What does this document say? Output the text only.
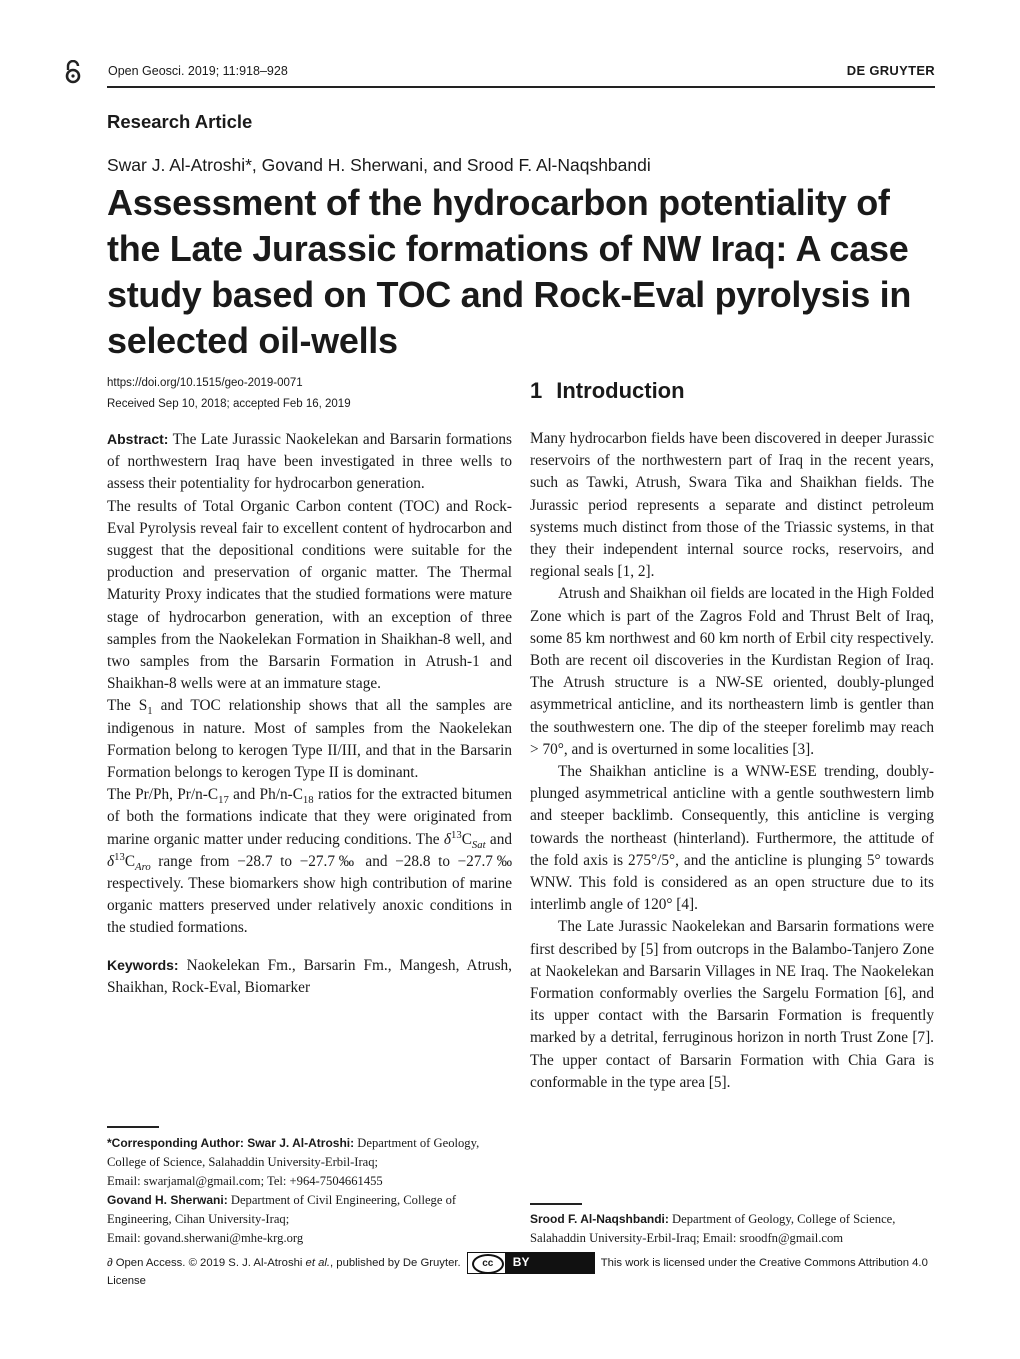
Open Geosci. 2019; 11:918–928	DE GRUYTER
Research Article
Swar J. Al-Atroshi*, Govand H. Sherwani, and Srood F. Al-Naqshbandi
Assessment of the hydrocarbon potentiality of the Late Jurassic formations of NW Iraq: A case study based on TOC and Rock-Eval pyrolysis in selected oil-wells
https://doi.org/10.1515/geo-2019-0071
Received Sep 10, 2018; accepted Feb 16, 2019

Abstract: The Late Jurassic Naokelekan and Barsarin formations of northwestern Iraq have been investigated in three wells to assess their potentiality for hydrocarbon generation.

The results of Total Organic Carbon content (TOC) and Rock-Eval Pyrolysis reveal fair to excellent content of hydrocarbon and suggest that the depositional conditions were suitable for the production and preservation of organic matter. The Thermal Maturity Proxy indicates that the studied formations were mature stage of hydrocarbon generation, with an exception of three samples from the Naokelekan Formation in Shaikhan-8 well, and two samples from the Barsarin Formation in Atrush-1 and Shaikhan-8 wells were at an immature stage.

The $S_1$ and TOC relationship shows that all the samples are indigenous in nature. Most of samples from the Naokelekan Formation belong to kerogen Type II/III, and that in the Barsarin Formation belongs to kerogen Type II is dominant.

The Pr/Ph, $Pr/n-C_{17}$ and $Ph/n-C_{18}$ ratios for the extracted bitumen of both the formations indicate that they were originated from marine organic matter under reducing conditions. The $\delta^{13}C_{Sat}$ and $\delta^{13}C_{Aro}$ range from −28.7 to −27.7‰ and −28.8 to −27.7‰ respectively. These biomarkers show high contribution of marine organic matters preserved under relatively anoxic conditions in the studied formations.

Keywords: Naokelekan Fm., Barsarin Fm., Mangesh, Atrush, Shaikhan, Rock-Eval, Biomarker

1 Introduction

Many hydrocarbon fields have been discovered in deeper Jurassic reservoirs of the northwestern part of Iraq in the recent years, such as Tawki, Atrush, Swara Tika and Shaikhan fields. The Jurassic period represents a separate and distinct petroleum systems much distinct from those of the Triassic systems, in that they their independent internal source rocks, reservoirs, and regional seals [1, 2].

Atrush and Shaikhan oil fields are located in the High Folded Zone which is part of the Zagros Fold and Thrust Belt of Iraq, some 85 km northwest and 60 km north of Erbil city respectively. Both are recent oil discoveries in the Kurdistan Region of Iraq. The Atrush structure is a NW-SE oriented, doubly-plunged asymmetrical anticline, and its northeastern limb is gentler than the southwestern one. The dip of the steeper forelimb may reach > 70°, and is overturned in some localities [3].

The Shaikhan anticline is a WNW-ESE trending, doubly-plunged asymmetrical anticline with a gentle southwestern limb and steeper backlimb. Consequently, this anticline is verging towards the northeast (hinterland). Furthermore, the attitude of the fold axis is 275°/5°, and the anticline is plunging 5° towards WNW. This fold is considered as an open structure due to its interlimb angle of 120° [4].

The Late Jurassic Naokelekan and Barsarin formations were first described by [5] from outcrops in the Balambo-Tanjero Zone at Naokelekan and Barsarin Villages in NE Iraq. The Naokelekan Formation conformably overlies the Sargelu Formation [6], and its upper contact with the Barsarin Formation is frequently marked by a detrital, ferruginous horizon in north Trust Zone [7]. The upper contact of Barsarin Formation with Chia Gara is conformable in the type area [5].

*Corresponding Author: Swar J. Al-Atroshi: Department of Geology, College of Science, Salahaddin University-Erbil-Iraq;
Email: swarjamal@gmail.com; Tel: +964-7504661455
Govand H. Sherwani: Department of Civil Engineering, College of Engineering, Cihan University-Iraq;
Email: govand.sherwani@mhe-krg.org
Srood F. Al-Naqshbandi: Department of Geology, College of Science, Salahaddin University-Erbil-Iraq; Email: sroodfn@gmail.com
∂ Open Access. © 2019 S. J. Al-Atroshi et al., published by De Gruyter.	cc	BY	This work is licensed under the Creative Commons Attribution 4.0 License
